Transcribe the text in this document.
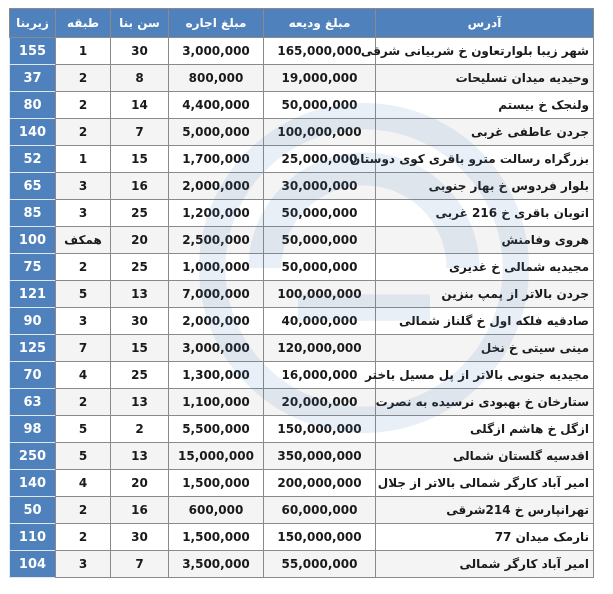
آدرس	مبلغ ودیعه	مبلغ اجاره	سن بنا	طبقه	زیربنا
شهر زیبا بلوارتعاون خ شربیانی شرقی	165,000,000	3,000,000	30	1	155
وحیدیه میدان تسلیحات	19,000,000	800,000	8	2	37
ولنجک خ بیستم	50,000,000	4,400,000	14	2	80
جردن عاطفی غربی	100,000,000	5,000,000	7	2	140
بزرگراه رسالت مترو باقری کوی دوستان	25,000,000	1,700,000	15	1	52
بلوار فردوس خ بهار جنوبی	30,000,000	2,000,000	16	3	65
اتوبان باقری خ 216 غربی	50,000,000	1,200,000	25	3	85
هروی وفامنش	50,000,000	2,500,000	20	همکف	100
مجیدیه شمالی خ غدیری	50,000,000	1,000,000	25	2	75
جردن بالاتر از پمپ بنزین	100,000,000	7,000,000	13	5	121
صادقیه فلکه اول خ گلناز شمالی	40,000,000	2,000,000	30	3	90
مینی سیتی خ نخل	120,000,000	3,000,000	15	7	125
مجیدیه جنوبی بالاتر از پل مسیل باختر	16,000,000	1,300,000	25	4	70
ستارخان خ بهبودی نرسیده به نصرت	20,000,000	1,100,000	13	2	63
ازگل خ هاشم ازگلی	150,000,000	5,500,000	2	5	98
اقدسیه گلستان شمالی	350,000,000	15,000,000	13	5	250
امیر آباد کارگر شمالی بالاتر از جلال	200,000,000	1,500,000	20	4	140
تهرانپارس خ 214شرقی	60,000,000	600,000	16	2	50
نارمک میدان 77	150,000,000	1,500,000	30	2	110
امیر آباد کارگر شمالی	55,000,000	3,500,000	7	3	104
